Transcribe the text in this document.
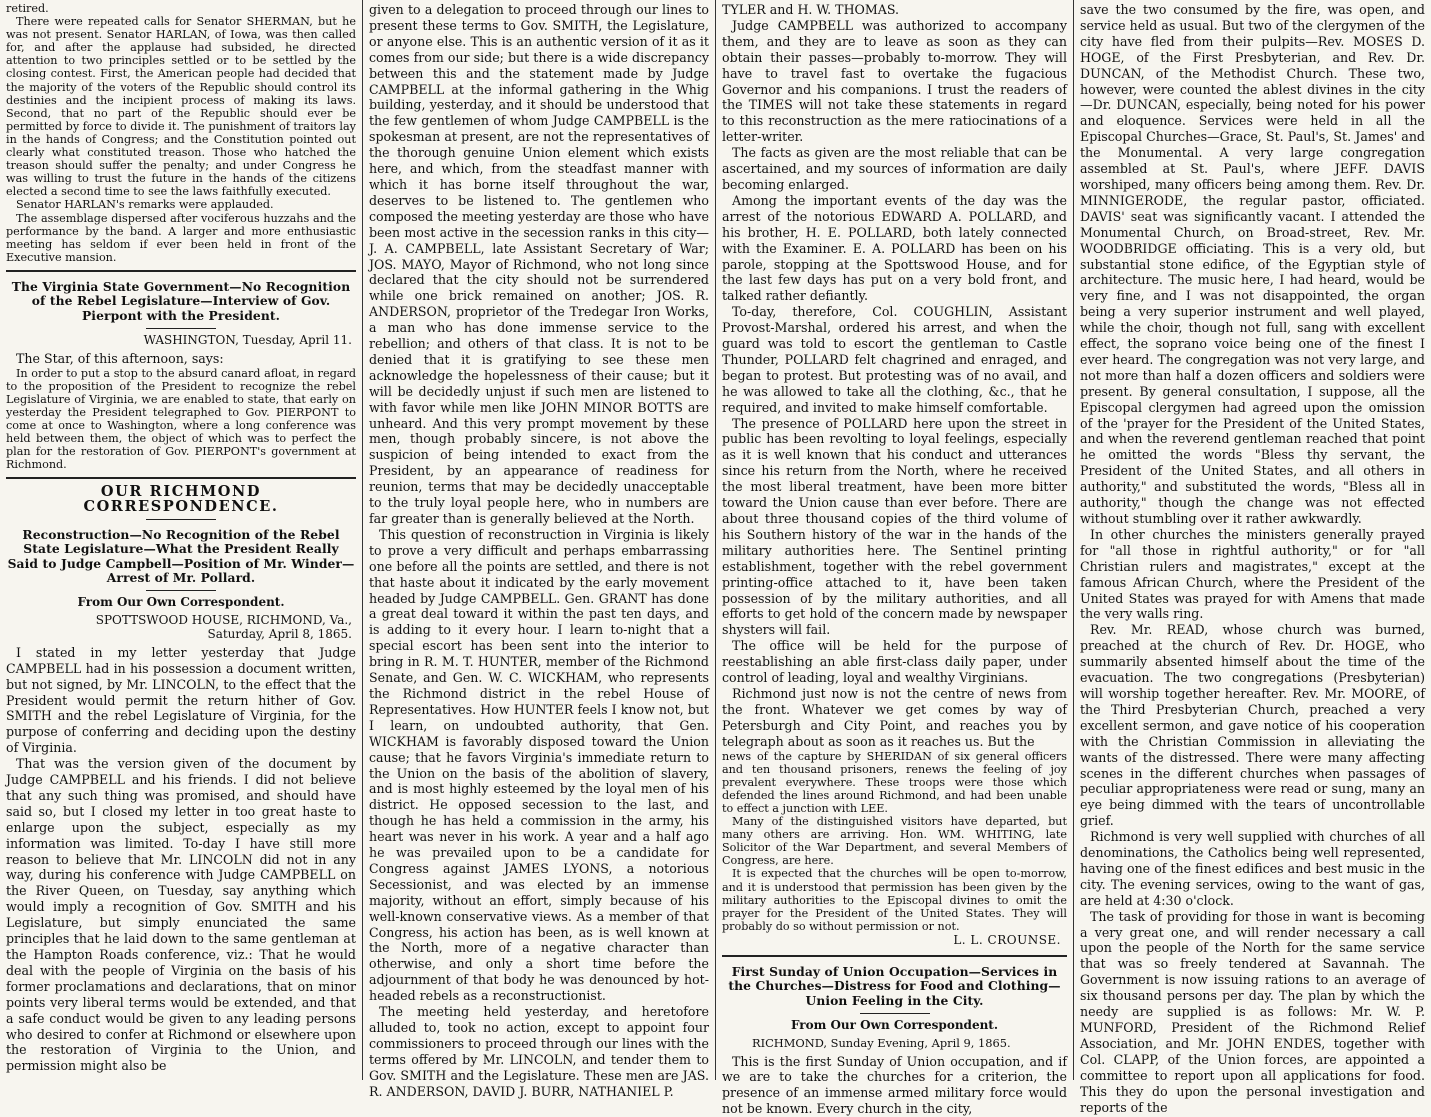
retired.

There were repeated calls for Senator SHERMAN, but he was not present. Senator HARLAN, of Iowa, was then called for, and after the applause had subsided, he directed attention to two principles settled or to be settled by the closing contest. First, the American people had decided that the majority of the voters of the Republic should control its destinies and the incipient process of making its laws. Second, that no part of the Republic should ever be permitted by force to divide it. The punishment of traitors lay in the hands of Congress; and the Constitution pointed out clearly what constituted treason. Those who hatched the treason should suffer the penalty; and under Congress he was willing to trust the future in the hands of the citizens elected a second time to see the laws faithfully executed.

Senator HARLAN's remarks were applauded.

The assemblage dispersed after vociferous huzzahs and the performance by the band. A larger and more enthusiastic meeting has seldom if ever been held in front of the Executive mansion.

The Virginia State Government—No Recognition of the Rebel Legislature—Interview of Gov. Pierpont with the President.
WASHINGTON, Tuesday, April 11.

The Star, of this afternoon, says:

In order to put a stop to the absurd canard afloat, in regard to the proposition of the President to recognize the rebel Legislature of Virginia, we are enabled to state, that early on yesterday the President telegraphed to Gov. PIERPONT to come at once to Washington, where a long conference was held between them, the object of which was to perfect the plan for the restoration of Gov. PIERPONT's government at Richmond.

OUR RICHMOND CORRESPONDENCE.
Reconstruction—No Recognition of the Rebel State Legislature—What the President Really Said to Judge Campbell—Position of Mr. Winder—Arrest of Mr. Pollard.
From Our Own Correspondent.
SPOTTSWOOD HOUSE, RICHMOND, Va.,
Saturday, April 8, 1865.

I stated in my letter yesterday that Judge CAMPBELL had in his possession a document written, but not signed, by Mr. LINCOLN, to the effect that the President would permit the return hither of Gov. SMITH and the rebel Legislature of Virginia, for the purpose of conferring and deciding upon the destiny of Virginia.

That was the version given of the document by Judge CAMPBELL and his friends. I did not believe that any such thing was promised, and should have said so, but I closed my letter in too great haste to enlarge upon the subject, especially as my information was limited. To-day I have still more reason to believe that Mr. LINCOLN did not in any way, during his conference with Judge CAMPBELL on the River Queen, on Tuesday, say anything which would imply a recognition of Gov. SMITH and his Legislature, but simply enunciated the same principles that he laid down to the same gentleman at the Hampton Roads conference, viz.: That he would deal with the people of Virginia on the basis of his former proclamations and declarations, that on minor points very liberal terms would be extended, and that a safe conduct would be given to any leading persons who desired to confer at Richmond or elsewhere upon the restoration of Virginia to the Union, and permission might also be

given to a delegation to proceed through our lines to present these terms to Gov. SMITH, the Legislature, or anyone else. This is an authentic version of it as it comes from our side; but there is a wide discrepancy between this and the statement made by Judge CAMPBELL at the informal gathering in the Whig building, yesterday, and it should be understood that the few gentlemen of whom Judge CAMPBELL is the spokesman at present, are not the representatives of the thorough genuine Union element which exists here, and which, from the steadfast manner with which it has borne itself throughout the war, deserves to be listened to. The gentlemen who composed the meeting yesterday are those who have been most active in the secession ranks in this city—J. A. CAMPBELL, late Assistant Secretary of War; JOS. MAYO, Mayor of Richmond, who not long since declared that the city should not be surrendered while one brick remained on another; JOS. R. ANDERSON, proprietor of the Tredegar Iron Works, a man who has done immense service to the rebellion; and others of that class. It is not to be denied that it is gratifying to see these men acknowledge the hopelessness of their cause; but it will be decidedly unjust if such men are listened to with favor while men like JOHN MINOR BOTTS are unheard. And this very prompt movement by these men, though probably sincere, is not above the suspicion of being intended to exact from the President, by an appearance of readiness for reunion, terms that may be decidedly unacceptable to the truly loyal people here, who in numbers are far greater than is generally believed at the North.

This question of reconstruction in Virginia is likely to prove a very difficult and perhaps embarrassing one before all the points are settled, and there is not that haste about it indicated by the early movement headed by Judge CAMPBELL. Gen. GRANT has done a great deal toward it within the past ten days, and is adding to it every hour. I learn to-night that a special escort has been sent into the interior to bring in R. M. T. HUNTER, member of the Richmond Senate, and Gen. W. C. WICKHAM, who represents the Richmond district in the rebel House of Representatives. How HUNTER feels I know not, but I learn, on undoubted authority, that Gen. WICKHAM is favorably disposed toward the Union cause; that he favors Virginia's immediate return to the Union on the basis of the abolition of slavery, and is most highly esteemed by the loyal men of his district. He opposed secession to the last, and though he has held a commission in the army, his heart was never in his work. A year and a half ago he was prevailed upon to be a candidate for Congress against JAMES LYONS, a notorious Secessionist, and was elected by an immense majority, without an effort, simply because of his well-known conservative views. As a member of that Congress, his action has been, as is well known at the North, more of a negative character than otherwise, and only a short time before the adjournment of that body he was denounced by hot-headed rebels as a reconstructionist.

The meeting held yesterday, and heretofore alluded to, took no action, except to appoint four commissioners to proceed through our lines with the terms offered by Mr. LINCOLN, and tender them to Gov. SMITH and the Legislature. These men are JAS. R. ANDERSON, DAVID J. BURR, NATHANIEL P.

TYLER and H. W. THOMAS.

Judge CAMPBELL was authorized to accompany them, and they are to leave as soon as they can obtain their passes—probably to-morrow. They will have to travel fast to overtake the fugacious Governor and his companions. I trust the readers of the TIMES will not take these statements in regard to this reconstruction as the mere ratiocinations of a letter-writer.

The facts as given are the most reliable that can be ascertained, and my sources of information are daily becoming enlarged.

Among the important events of the day was the arrest of the notorious EDWARD A. POLLARD, and his brother, H. E. POLLARD, both lately connected with the Examiner. E. A. POLLARD has been on his parole, stopping at the Spottswood House, and for the last few days has put on a very bold front, and talked rather defiantly.

To-day, therefore, Col. COUGHLIN, Assistant Provost-Marshal, ordered his arrest, and when the guard was told to escort the gentleman to Castle Thunder, POLLARD felt chagrined and enraged, and began to protest. But protesting was of no avail, and he was allowed to take all the clothing, &c., that he required, and invited to make himself comfortable.

The presence of POLLARD here upon the street in public has been revolting to loyal feelings, especially as it is well known that his conduct and utterances since his return from the North, where he received the most liberal treatment, have been more bitter toward the Union cause than ever before. There are about three thousand copies of the third volume of his Southern history of the war in the hands of the military authorities here. The Sentinel printing establishment, together with the rebel government printing-office attached to it, have been taken possession of by the military authorities, and all efforts to get hold of the concern made by newspaper shysters will fail.

The office will be held for the purpose of reestablishing an able first-class daily paper, under control of leading, loyal and wealthy Virginians.

Richmond just now is not the centre of news from the front. Whatever we get comes by way of Petersburgh and City Point, and reaches you by telegraph about as soon as it reaches us. But the

news of the capture by SHERIDAN of six general officers and ten thousand prisoners, renews the feeling of joy prevalent everywhere. These troops were those which defended the lines around Richmond, and had been unable to effect a junction with LEE.

Many of the distinguished visitors have departed, but many others are arriving. Hon. WM. WHITING, late Solicitor of the War Department, and several Members of Congress, are here.

It is expected that the churches will be open to-morrow, and it is understood that permission has been given by the military authorities to the Episcopal divines to omit the prayer for the President of the United States. They will probably do so without permission or not.

L. L. CROUNSE.
First Sunday of Union Occupation—Services in the Churches—Distress for Food and Clothing—Union Feeling in the City.
From Our Own Correspondent.
RICHMOND, Sunday Evening, April 9, 1865.

This is the first Sunday of Union occupation, and if we are to take the churches for a criterion, the presence of an immense armed military force would not be known. Every church in the city,

save the two consumed by the fire, was open, and service held as usual. But two of the clergymen of the city have fled from their pulpits—Rev. MOSES D. HOGE, of the First Presbyterian, and Rev. Dr. DUNCAN, of the Methodist Church. These two, however, were counted the ablest divines in the city—Dr. DUNCAN, especially, being noted for his power and eloquence. Services were held in all the Episcopal Churches—Grace, St. Paul's, St. James' and the Monumental. A very large congregation assembled at St. Paul's, where JEFF. DAVIS worshiped, many officers being among them. Rev. Dr. MINNIGERODE, the regular pastor, officiated. DAVIS' seat was significantly vacant. I attended the Monumental Church, on Broad-street, Rev. Mr. WOODBRIDGE officiating. This is a very old, but substantial stone edifice, of the Egyptian style of architecture. The music here, I had heard, would be very fine, and I was not disappointed, the organ being a very superior instrument and well played, while the choir, though not full, sang with excellent effect, the soprano voice being one of the finest I ever heard. The congregation was not very large, and not more than half a dozen officers and soldiers were present. By general consultation, I suppose, all the Episcopal clergymen had agreed upon the omission of the 'prayer for the President of the United States, and when the reverend gentleman reached that point he omitted the words "Bless thy servant, the President of the United States, and all others in authority," and substituted the words, "Bless all in authority," though the change was not effected without stumbling over it rather awkwardly.

In other churches the ministers generally prayed for "all those in rightful authority," or for "all Christian rulers and magistrates," except at the famous African Church, where the President of the United States was prayed for with Amens that made the very walls ring.

Rev. Mr. READ, whose church was burned, preached at the church of Rev. Dr. HOGE, who summarily absented himself about the time of the evacuation. The two congregations (Presbyterian) will worship together hereafter. Rev. Mr. MOORE, of the Third Presbyterian Church, preached a very excellent sermon, and gave notice of his cooperation with the Christian Commission in alleviating the wants of the distressed. There were many affecting scenes in the different churches when passages of peculiar appropriateness were read or sung, many an eye being dimmed with the tears of uncontrollable grief.

Richmond is very well supplied with churches of all denominations, the Catholics being well represented, having one of the finest edifices and best music in the city. The evening services, owing to the want of gas, are held at 4:30 o'clock.

The task of providing for those in want is becoming a very great one, and will render necessary a call upon the people of the North for the same service that was so freely tendered at Savannah. The Government is now issuing rations to an average of six thousand persons per day. The plan by which the needy are supplied is as follows: Mr. W. P. MUNFORD, President of the Richmond Relief Association, and Mr. JOHN ENDES, together with Col. CLAPP, of the Union forces, are appointed a committee to report upon all applications for food. This they do upon the personal investigation and reports of the
